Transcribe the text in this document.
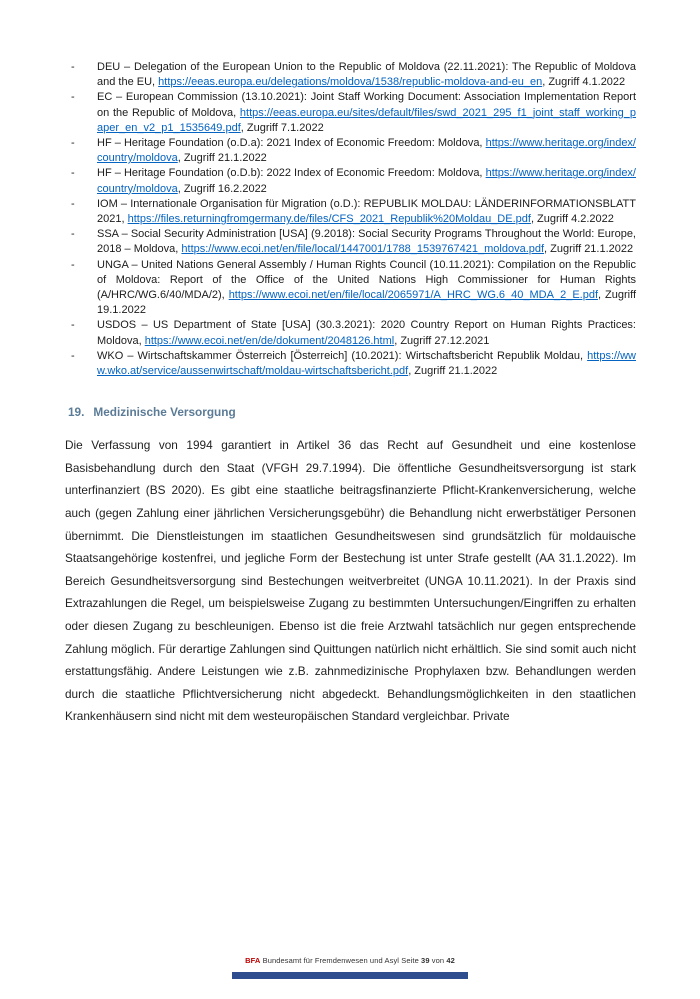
- DEU – Delegation of the European Union to the Republic of Moldova (22.11.2021): The Republic of Moldova and the EU, https://eeas.europa.eu/delegations/moldova/1538/republic-moldova-and-eu_en, Zugriff 4.1.2022
- EC – European Commission (13.10.2021): Joint Staff Working Document: Association Implementation Report on the Republic of Moldova, https://eeas.europa.eu/sites/default/files/swd_2021_295_f1_joint_staff_working_paper_en_v2_p1_1535649.pdf, Zugriff 7.1.2022
- HF – Heritage Foundation (o.D.a): 2021 Index of Economic Freedom: Moldova, https://www.heritage.org/index/country/moldova, Zugriff 21.1.2022
- HF – Heritage Foundation (o.D.b): 2022 Index of Economic Freedom: Moldova, https://www.heritage.org/index/country/moldova, Zugriff 16.2.2022
- IOM – Internationale Organisation für Migration (o.D.): REPUBLIK MOLDAU: LÄNDERINFORMATIONSBLATT 2021, https://files.returningfromgermany.de/files/CFS_2021_Republik%20Moldau_DE.pdf, Zugriff 4.2.2022
- SSA – Social Security Administration [USA] (9.2018): Social Security Programs Throughout the World: Europe, 2018 – Moldova, https://www.ecoi.net/en/file/local/1447001/1788_1539767421_moldova.pdf, Zugriff 21.1.2022
- UNGA – United Nations General Assembly / Human Rights Council (10.11.2021): Compilation on the Republic of Moldova: Report of the Office of the United Nations High Commissioner for Human Rights (A/HRC/WG.6/40/MDA/2), https://www.ecoi.net/en/file/local/2065971/A_HRC_WG.6_40_MDA_2_E.pdf, Zugriff 19.1.2022
- USDOS – US Department of State [USA] (30.3.2021): 2020 Country Report on Human Rights Practices: Moldova, https://www.ecoi.net/en/de/dokument/2048126.html, Zugriff 27.12.2021
- WKO – Wirtschaftskammer Österreich [Österreich] (10.2021): Wirtschaftsbericht Republik Moldau, https://www.wko.at/service/aussenwirtschaft/moldau-wirtschaftsbericht.pdf, Zugriff 21.1.2022
19. Medizinische Versorgung

Die Verfassung von 1994 garantiert in Artikel 36 das Recht auf Gesundheit und eine kostenlose Basisbehandlung durch den Staat (VFGH 29.7.1994). Die öffentliche Gesundheitsversorgung ist stark unterfinanziert (BS 2020). Es gibt eine staatliche beitragsfinanzierte Pflicht-Krankenversicherung, welche auch (gegen Zahlung einer jährlichen Versicherungsgebühr) die Behandlung nicht erwerbstätiger Personen übernimmt. Die Dienstleistungen im staatlichen Gesundheitswesen sind grundsätzlich für moldauische Staatsangehörige kostenfrei, und jegliche Form der Bestechung ist unter Strafe gestellt (AA 31.1.2022). Im Bereich Gesundheitsversorgung sind Bestechungen weitverbreitet (UNGA 10.11.2021). In der Praxis sind Extrazahlungen die Regel, um beispielsweise Zugang zu bestimmten Untersuchungen/Eingriffen zu erhalten oder diesen Zugang zu beschleunigen. Ebenso ist die freie Arztwahl tatsächlich nur gegen entsprechende Zahlung möglich. Für derartige Zahlungen sind Quittungen natürlich nicht erhältlich. Sie sind somit auch nicht erstattungsfähig. Andere Leistungen wie z.B. zahnmedizinische Prophylaxen bzw. Behandlungen werden durch die staatliche Pflichtversicherung nicht abgedeckt. Behandlungsmöglichkeiten in den staatlichen Krankenhäusern sind nicht mit dem westeuropäischen Standard vergleichbar. Private

BFA Bundesamt für Fremdenwesen und Asyl Seite 39 von 42
